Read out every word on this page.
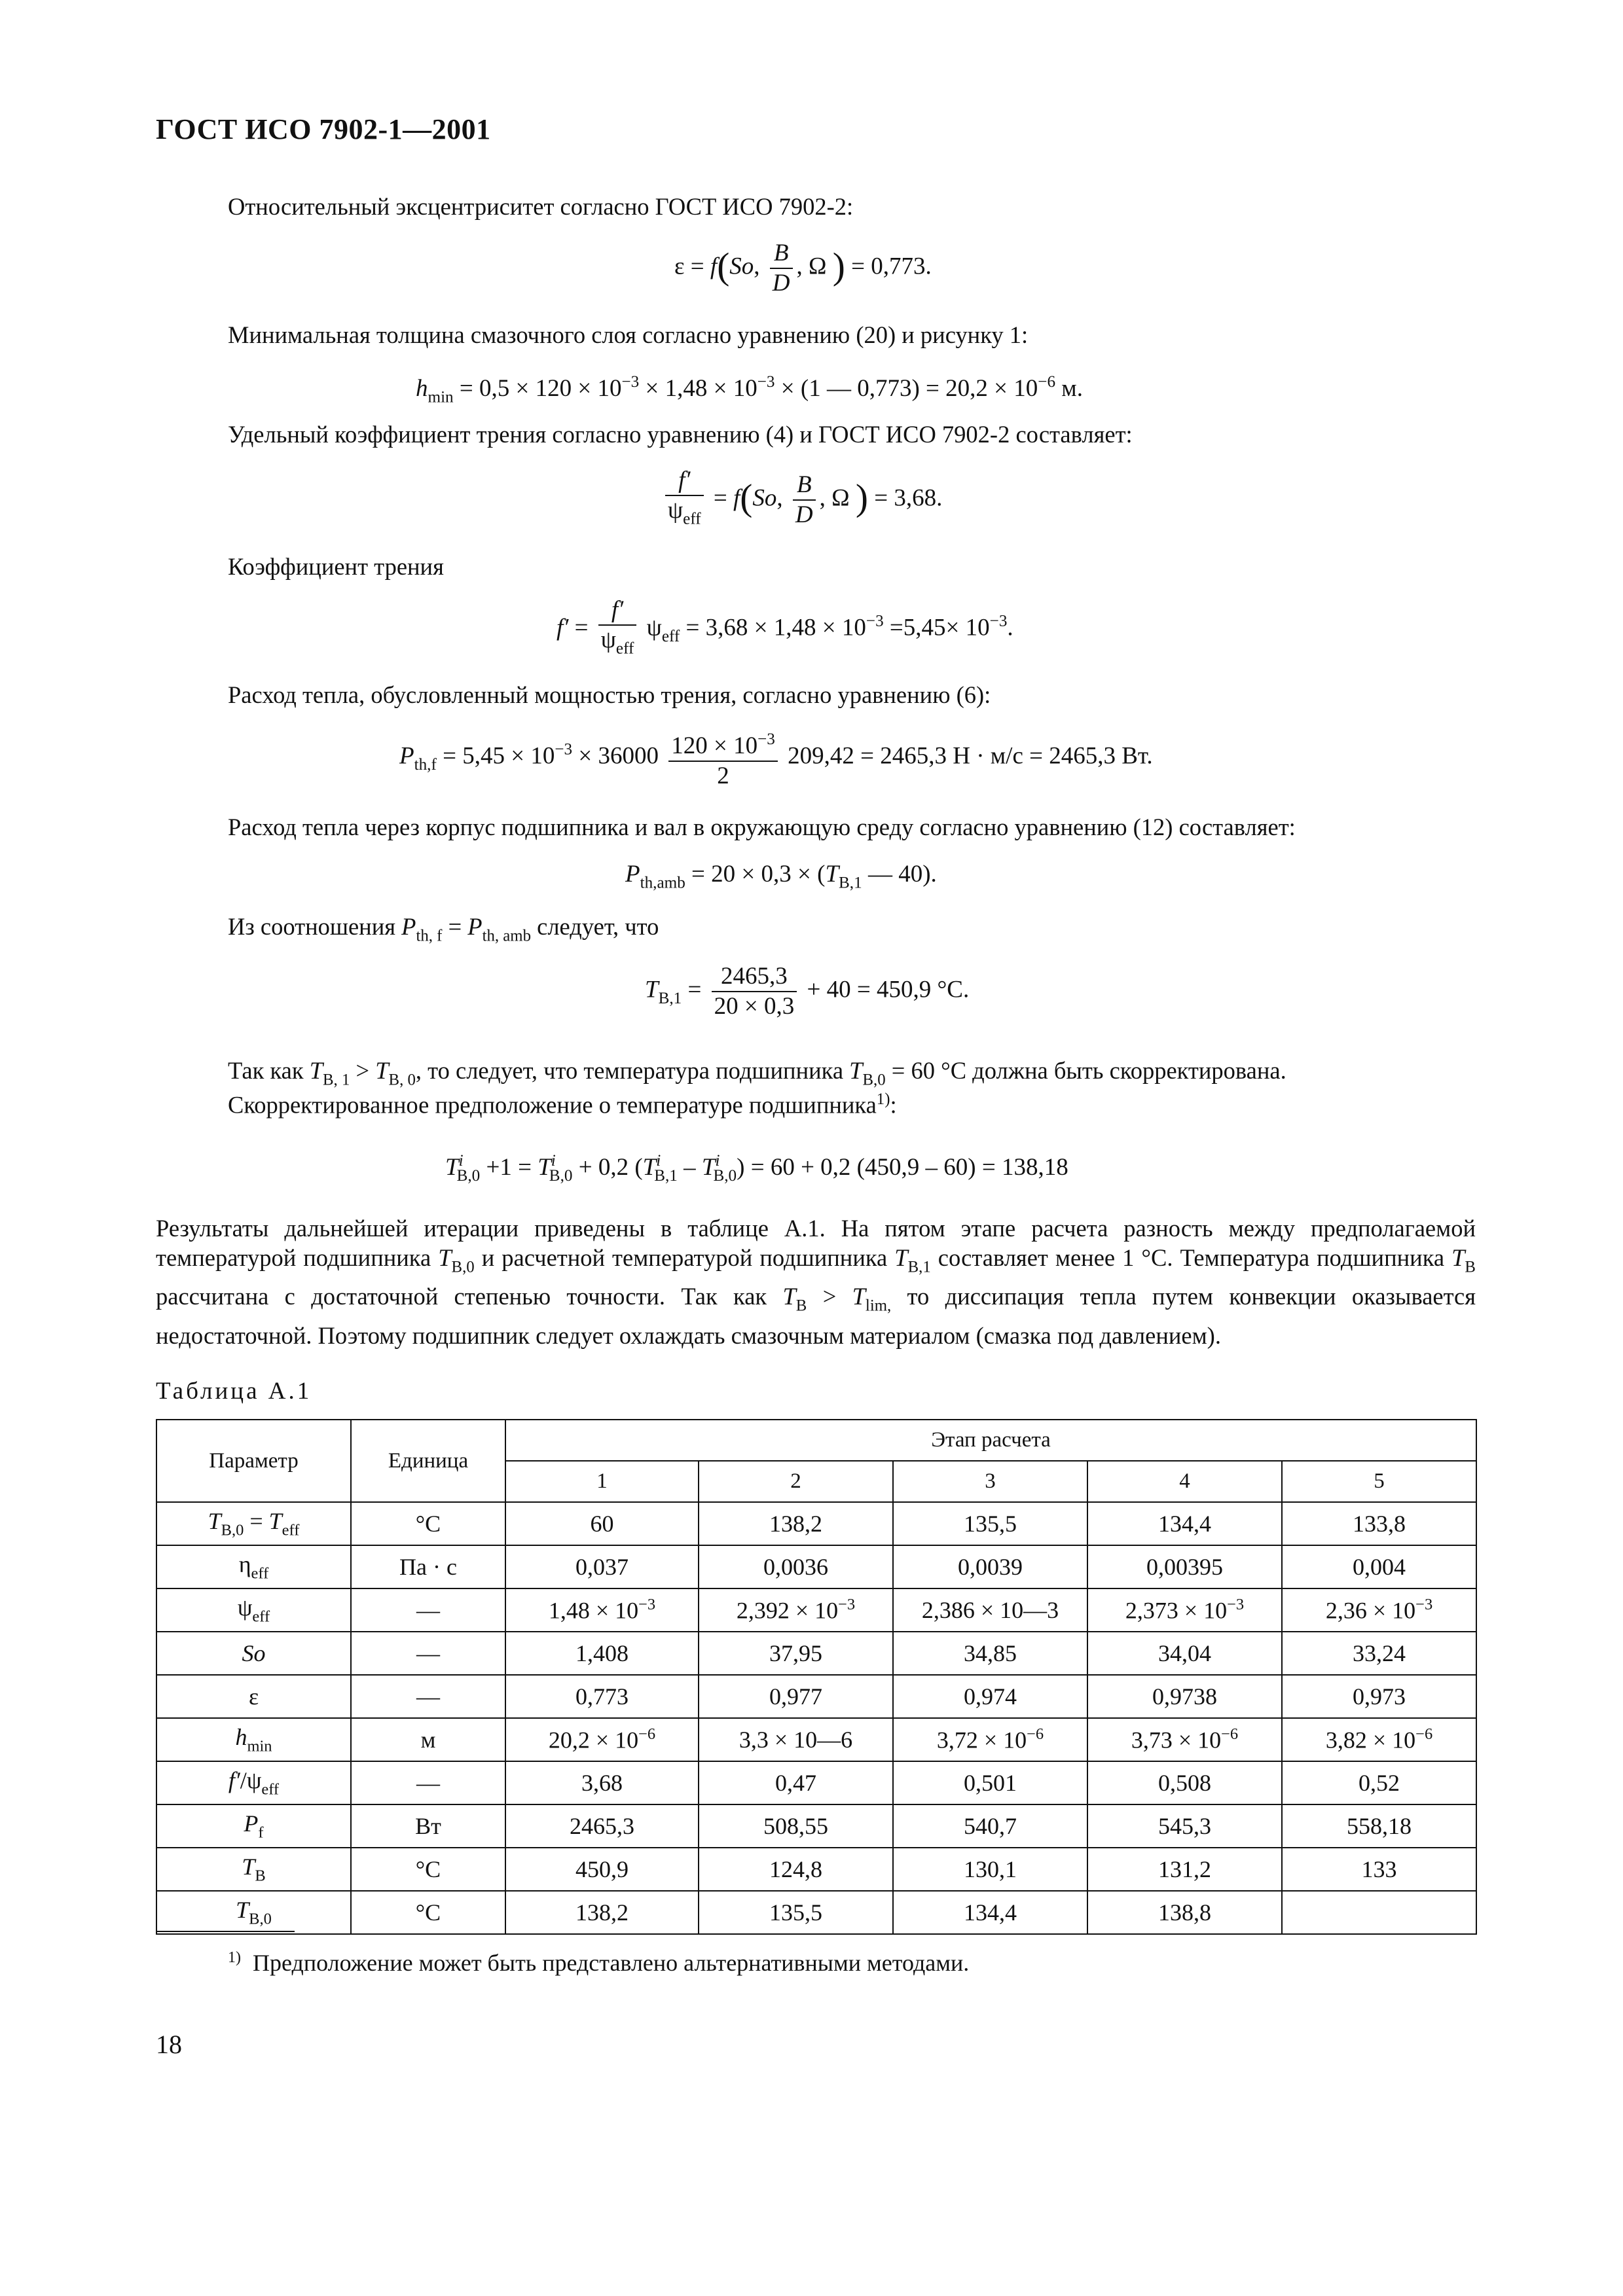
ГОСТ ИСО 7902-1—2001
Относительный эксцентриситет согласно ГОСТ ИСО 7902-2:
ε = f(So, $\frac{B}{D}$ , Ω ) = 0,773.
Минимальная толщина смазочного слоя согласно уравнению (20) и рисунку 1:
$h_{min} = 0,5 \times 120 \times 10^{-3} \times 1,48 \times 10^{-3} \times (1$ — $0,773) = 20,2 \times 10^{-6}$ м.
Удельный коэффициент трения согласно уравнению (4) и ГОСТ ИСО 7902-2 составляет:
$\frac{f'}{\psi_{eff}} = f(So$, $\frac{B}{D}$ , Ω ) = 3,68.
Коэффициент трения
$f' = \frac{f'}{\psi_{eff}} \psi_{eff} = 3,68 \times 1,48 \times 10^{-3} =5,45\times 10^{-3}$.
Расход тепла, обусловленный мощностью трения, согласно уравнению (6):
$P_{th,f} = 5,45 \times 10^{-3} \times 36000 \frac{120 \times 10^{-3}}{2} 209,42 = 2465,3$ Н · м/с = 2465,3 Вт.
Расход тепла через корпус подшипника и вал в окружающую среду согласно уравнению (12) составляет:
$P_{th,amb} = 20 \times 0,3 \times (T_{B,1}$ — 40).
Из соотношения $P_{th, f} = P_{th, amb}$ следует, что
$T_{B,1} = \frac{2465,3}{20 \times 0,3} + 40 = 450,9$ °С.
Так как $T_{B, 1} > T_{B, 0}$, то следует, что температура подшипника $T_{B,0} = 60$ °С должна быть скорректирована.
Скорректированное предположение о температуре подшипника$^{1)}$:
$T^i_{B,0} +1 = T^i_{B,0} + 0,2$ $(T^i_{B,1} - T^i_{B,0}) = 60 + 0,2$ (450,9 – 60) = 138,18
Результаты дальнейшей итерации приведены в таблице А.1. На пятом этапе расчета разность между предполагаемой температурой подшипника $T_{B,0}$ и расчетной температурой подшипника $T_{B,1}$ составляет менее 1 °С. Температура подшипника $T_B$ рассчитана с достаточной степенью точности. Так как $T_B > T_{lim,}$ то диссипация тепла путем конвекции оказывается недостаточной. Поэтому подшипник следует охлаждать смазочным материалом (смазка под давлением).
Таблица А.1
Параметр	Единица	Этап расчета				
		1	2	3	4	5
$T_{B,0} = T_{eff}$	°С	60	138,2	135,5	134,4	133,8
$\eta_{eff}$	Па · с	0,037	0,0036	0,0039	0,00395	0,004
$\psi_{eff}$	—	$1,48 \times 10^{-3}$	$2,392 \times 10^{-3}$	2,386 × 10—3	$2,373 \times 10^{-3}$	$2,36 \times 10^{-3}$
So	—	1,408	37,95	34,85	34,04	33,24
ε	—	0,773	0,977	0,974	0,9738	0,973
$h_{min}$	м	$20,2 \times 10^{-6}$	3,3 × 10—6	$3,72 \times 10^{-6}$	$3,73 \times 10^{-6}$	$3,82 \times 10^{-6}$
$f'/\psi_{eff}$	—	3,68	0,47	0,501	0,508	0,52
$P_f$	Вт	2465,3	508,55	540,7	545,3	558,18
$T_B$	°С	450,9	124,8	130,1	131,2	133
$T_{B,0}$	°С	138,2	135,5	134,4	138,8	
$^{1)}$ Предположение может быть представлено альтернативными методами.
18
